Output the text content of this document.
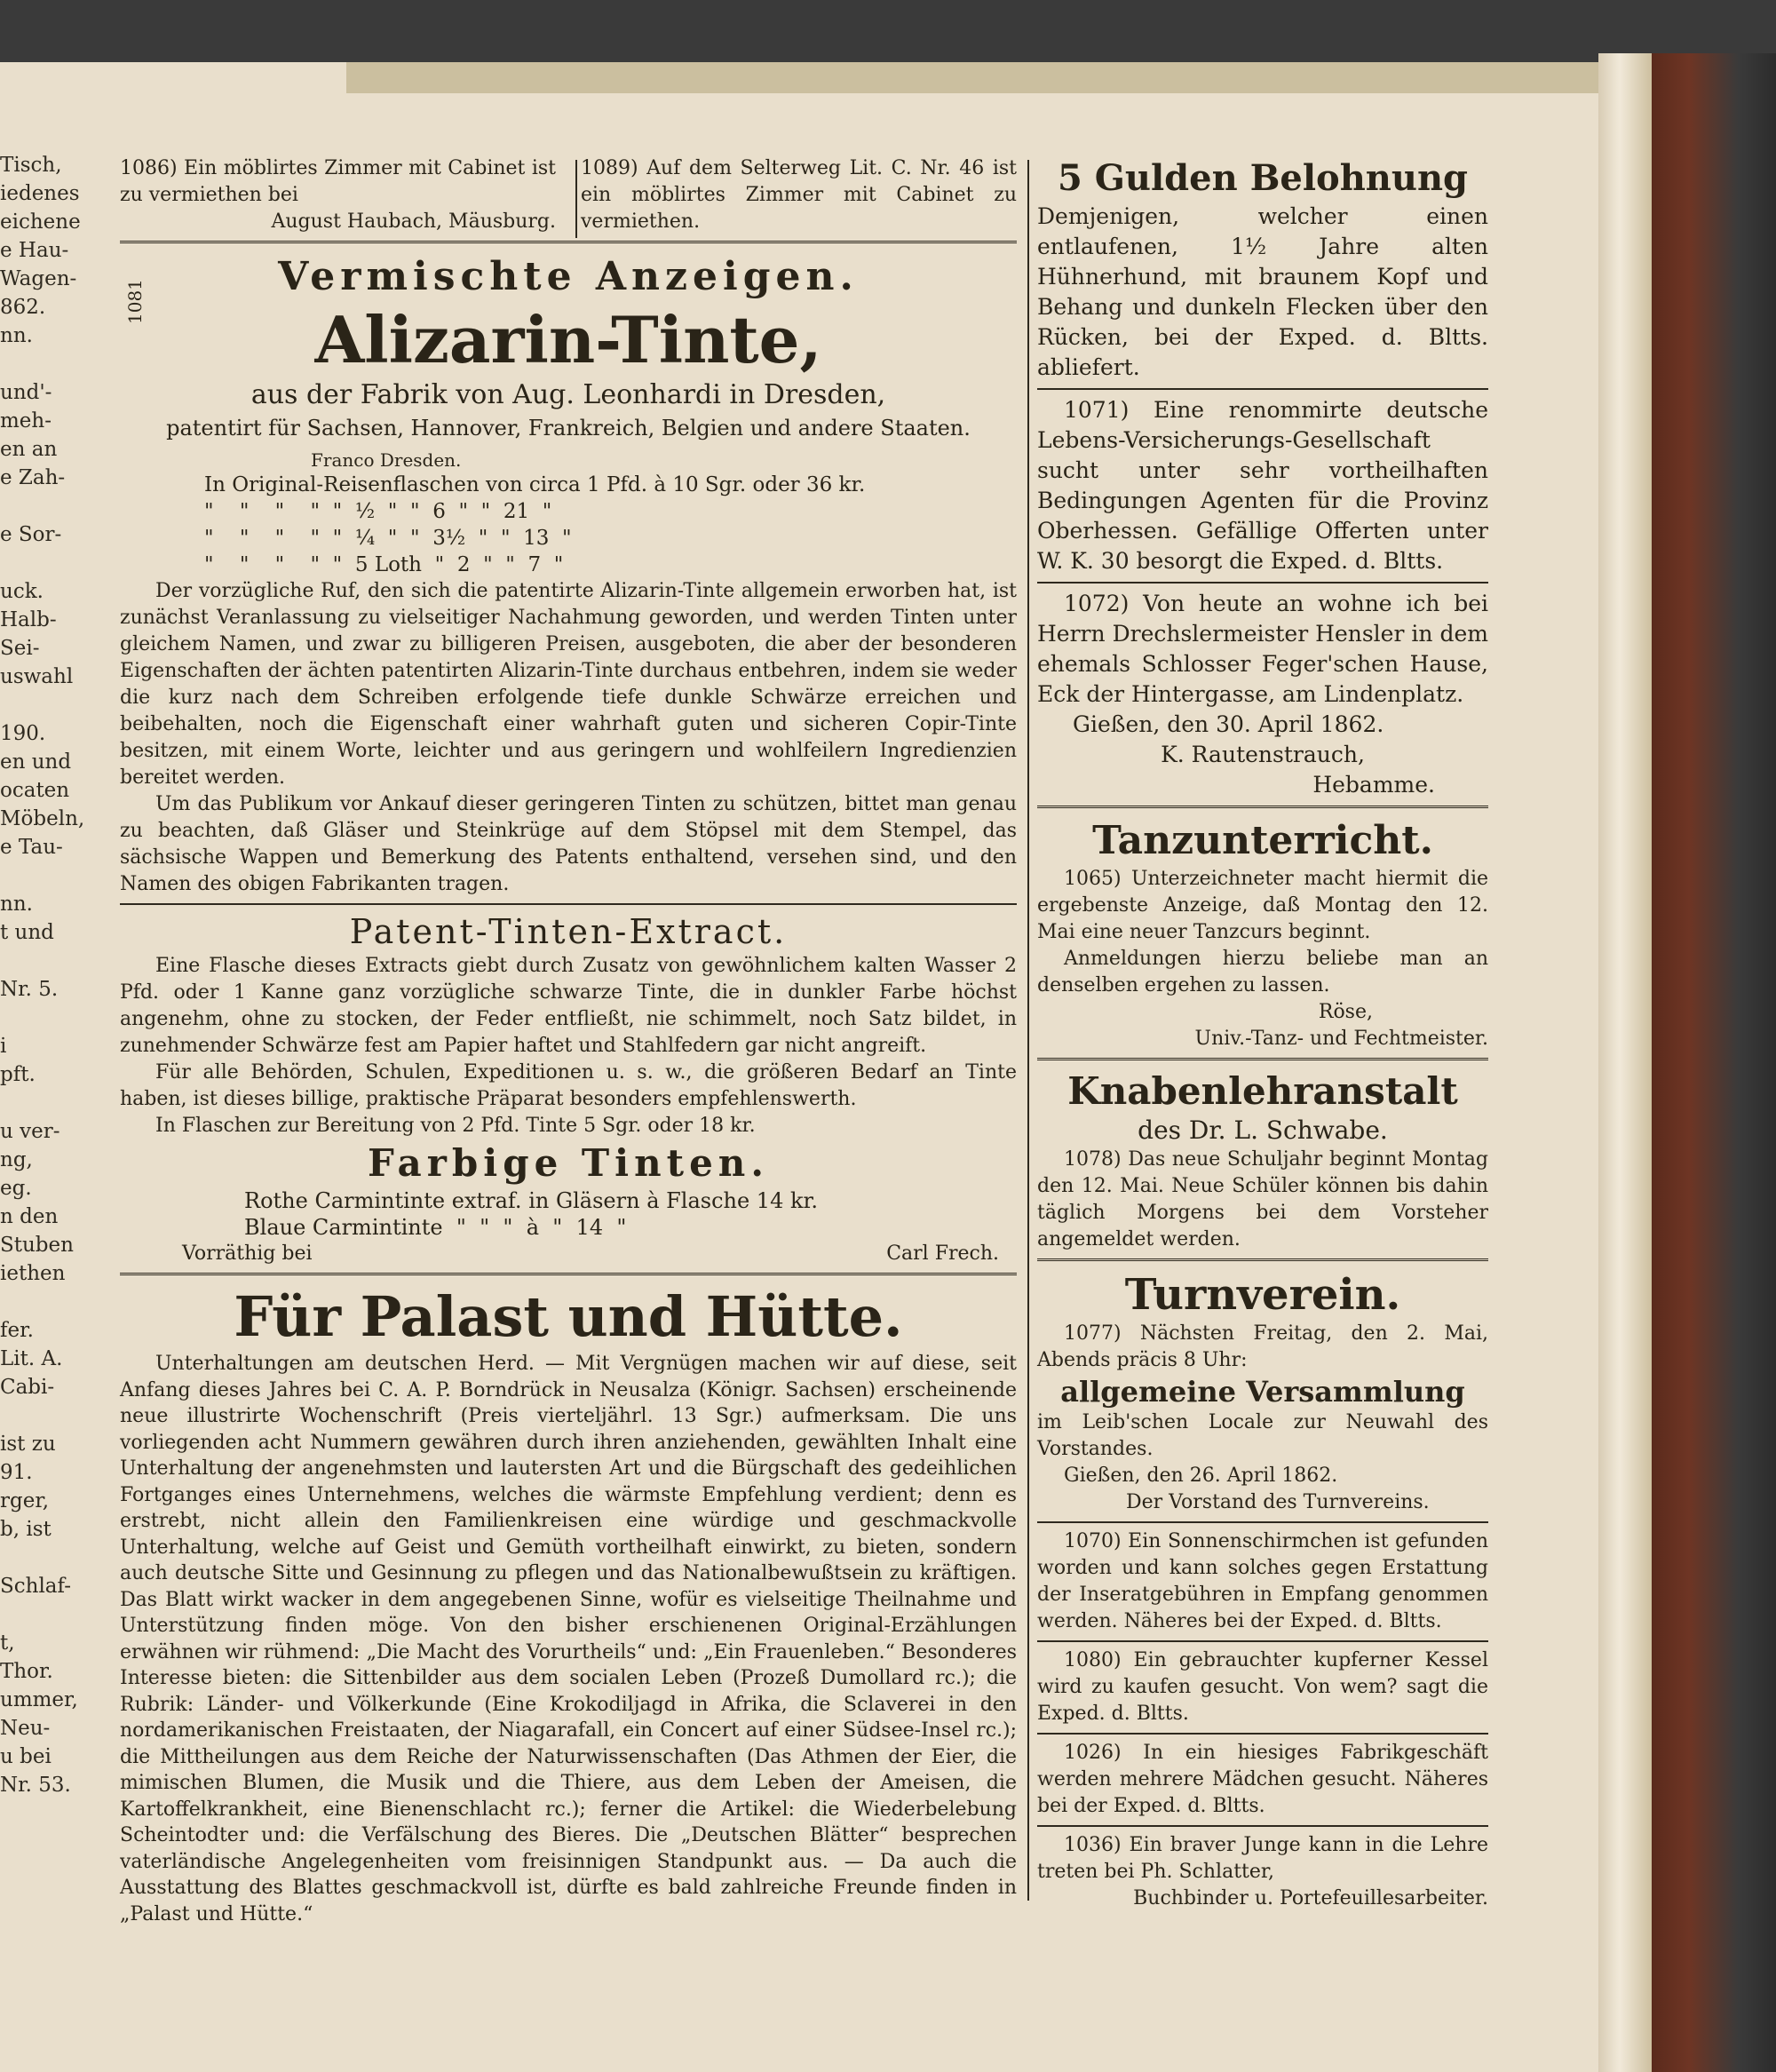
Tisch,
iedenes
eichene
e Hau-
Wagen-
862.
nn.
und'-
meh-
en an
e Zah-
e Sor-
uck.
Halb-
Sei-
uswahl
190.
en und
ocaten
Möbeln,
e Tau-
nn.
t und
Nr. 5.
i
pft.
u ver-
ng,
eg.
n den
Stuben
iethen
fer.
Lit. A.
Cabi-
ist zu
91.
rger,
b, ist
Schlaf-
t,
Thor.
ummer,
Neu-
u bei
Nr. 53.

1086) Ein möblirtes Zimmer mit Cabinet ist zu vermiethen bei

August Haubach, Mäusburg.

1089) Auf dem Selterweg Lit. C. Nr. 46 ist ein möblirtes Zimmer mit Cabinet zu vermiethen.

Vermischte Anzeigen.
Alizarin-Tinte,
aus der Fabrik von Aug. Leonhardi in Dresden,
patentirt für Sachsen, Hannover, Frankreich, Belgien und andere Staaten.
Franco Dresden.
In Original-Reisenflaschen von circa 1 Pfd. à 10 Sgr. oder 36 kr.
"    "    "    "  "  ½  "  "  6  "  "  21  "
"    "    "    "  "  ¼  "  "  3½  "  "  13  "
"    "    "    "  "  5 Loth  "  2  "  "  7  "

Der vorzügliche Ruf, den sich die patentirte Alizarin-Tinte allgemein erworben hat, ist zunächst Veranlassung zu vielseitiger Nachahmung geworden, und werden Tinten unter gleichem Namen, und zwar zu billigeren Preisen, ausgeboten, die aber der besonderen Eigenschaften der ächten patentirten Alizarin-Tinte durchaus entbehren, indem sie weder die kurz nach dem Schreiben erfolgende tiefe dunkle Schwärze erreichen und beibehalten, noch die Eigenschaft einer wahrhaft guten und sicheren Copir-Tinte besitzen, mit einem Worte, leichter und aus geringern und wohlfeilern Ingredienzien bereitet werden.

Um das Publikum vor Ankauf dieser geringeren Tinten zu schützen, bittet man genau zu beachten, daß Gläser und Steinkrüge auf dem Stöpsel mit dem Stempel, das sächsische Wappen und Bemerkung des Patents enthaltend, versehen sind, und den Namen des obigen Fabrikanten tragen.

Patent-Tinten-Extract.

Eine Flasche dieses Extracts giebt durch Zusatz von gewöhnlichem kalten Wasser 2 Pfd. oder 1 Kanne ganz vorzügliche schwarze Tinte, die in dunkler Farbe höchst angenehm, ohne zu stocken, der Feder entfließt, nie schimmelt, noch Satz bildet, in zunehmender Schwärze fest am Papier haftet und Stahlfedern gar nicht angreift.

Für alle Behörden, Schulen, Expeditionen u. s. w., die größeren Bedarf an Tinte haben, ist dieses billige, praktische Präparat besonders empfehlenswerth.

In Flaschen zur Bereitung von 2 Pfd. Tinte 5 Sgr. oder 18 kr.

Farbige Tinten.

Rothe Carmintinte extraf. in Gläsern à Flasche 14 kr.

Blaue Carmintinte  "  "  "  à  "  14  "

Vorräthig bei	Carl Frech.
Für Palast und Hütte.

Unterhaltungen am deutschen Herd. — Mit Vergnügen machen wir auf diese, seit Anfang dieses Jahres bei C. A. P. Borndrück in Neusalza (Königr. Sachsen) erscheinende neue illustrirte Wochenschrift (Preis vierteljährl. 13 Sgr.) aufmerksam. Die uns vorliegenden acht Nummern gewähren durch ihren anziehenden, gewählten Inhalt eine Unterhaltung der angenehmsten und lautersten Art und die Bürgschaft des gedeihlichen Fortganges eines Unternehmens, welches die wärmste Empfehlung verdient; denn es erstrebt, nicht allein den Familienkreisen eine würdige und geschmackvolle Unterhaltung, welche auf Geist und Gemüth vortheilhaft einwirkt, zu bieten, sondern auch deutsche Sitte und Gesinnung zu pflegen und das Nationalbewußtsein zu kräftigen. Das Blatt wirkt wacker in dem angegebenen Sinne, wofür es vielseitige Theilnahme und Unterstützung finden möge. Von den bisher erschienenen Original-Erzählungen erwähnen wir rühmend: „Die Macht des Vorurtheils“ und: „Ein Frauenleben.“ Besonderes Interesse bieten: die Sittenbilder aus dem socialen Leben (Prozeß Dumollard rc.); die Rubrik: Länder- und Völkerkunde (Eine Krokodiljagd in Afrika, die Sclaverei in den nordamerikanischen Freistaaten, der Niagarafall, ein Concert auf einer Südsee-Insel rc.); die Mittheilungen aus dem Reiche der Naturwissenschaften (Das Athmen der Eier, die mimischen Blumen, die Musik und die Thiere, aus dem Leben der Ameisen, die Kartoffelkrankheit, eine Bienenschlacht rc.); ferner die Artikel: die Wiederbelebung Scheintodter und: die Verfälschung des Bieres. Die „Deutschen Blätter“ besprechen vaterländische Angelegenheiten vom freisinnigen Standpunkt aus. — Da auch die Ausstattung des Blattes geschmackvoll ist, dürfte es bald zahlreiche Freunde finden in „Palast und Hütte.“

1081
5 Gulden Belohnung

Demjenigen, welcher einen entlaufenen, 1½ Jahre alten Hühnerhund, mit braunem Kopf und Behang und dunkeln Flecken über den Rücken, bei der Exped. d. Bltts. abliefert.

1071) Eine renommirte deutsche Lebens-Versicherungs-Gesellschaft sucht unter sehr vortheilhaften Bedingungen Agenten für die Provinz Oberhessen. Gefällige Offerten unter W. K. 30 besorgt die Exped. d. Bltts.

1072) Von heute an wohne ich bei Herrn Drechslermeister Hensler in dem ehemals Schlosser Feger'schen Hause, Eck der Hintergasse, am Lindenplatz.

Gießen, den 30. April 1862.

K. Rautenstrauch,

Hebamme.

Tanzunterricht.

1065) Unterzeichneter macht hiermit die ergebenste Anzeige, daß Montag den 12. Mai eine neuer Tanzcurs beginnt.

Anmeldungen hierzu beliebe man an denselben ergehen zu lassen.

Röse,

Univ.-Tanz- und Fechtmeister.

Knabenlehranstalt
des Dr. L. Schwabe.

1078) Das neue Schuljahr beginnt Montag den 12. Mai. Neue Schüler können bis dahin täglich Morgens bei dem Vorsteher angemeldet werden.

Turnverein.

1077) Nächsten Freitag, den 2. Mai, Abends präcis 8 Uhr:

allgemeine Versammlung

im Leib'schen Locale zur Neuwahl des Vorstandes.

Gießen, den 26. April 1862.

Der Vorstand des Turnvereins.

1070) Ein Sonnenschirmchen ist gefunden worden und kann solches gegen Erstattung der Inseratgebühren in Empfang genommen werden. Näheres bei der Exped. d. Bltts.

1080) Ein gebrauchter kupferner Kessel wird zu kaufen gesucht. Von wem? sagt die Exped. d. Bltts.

1026) In ein hiesiges Fabrikgeschäft werden mehrere Mädchen gesucht. Näheres bei der Exped. d. Bltts.

1036) Ein braver Junge kann in die Lehre treten bei Ph. Schlatter,

Buchbinder u. Portefeuillesarbeiter.
